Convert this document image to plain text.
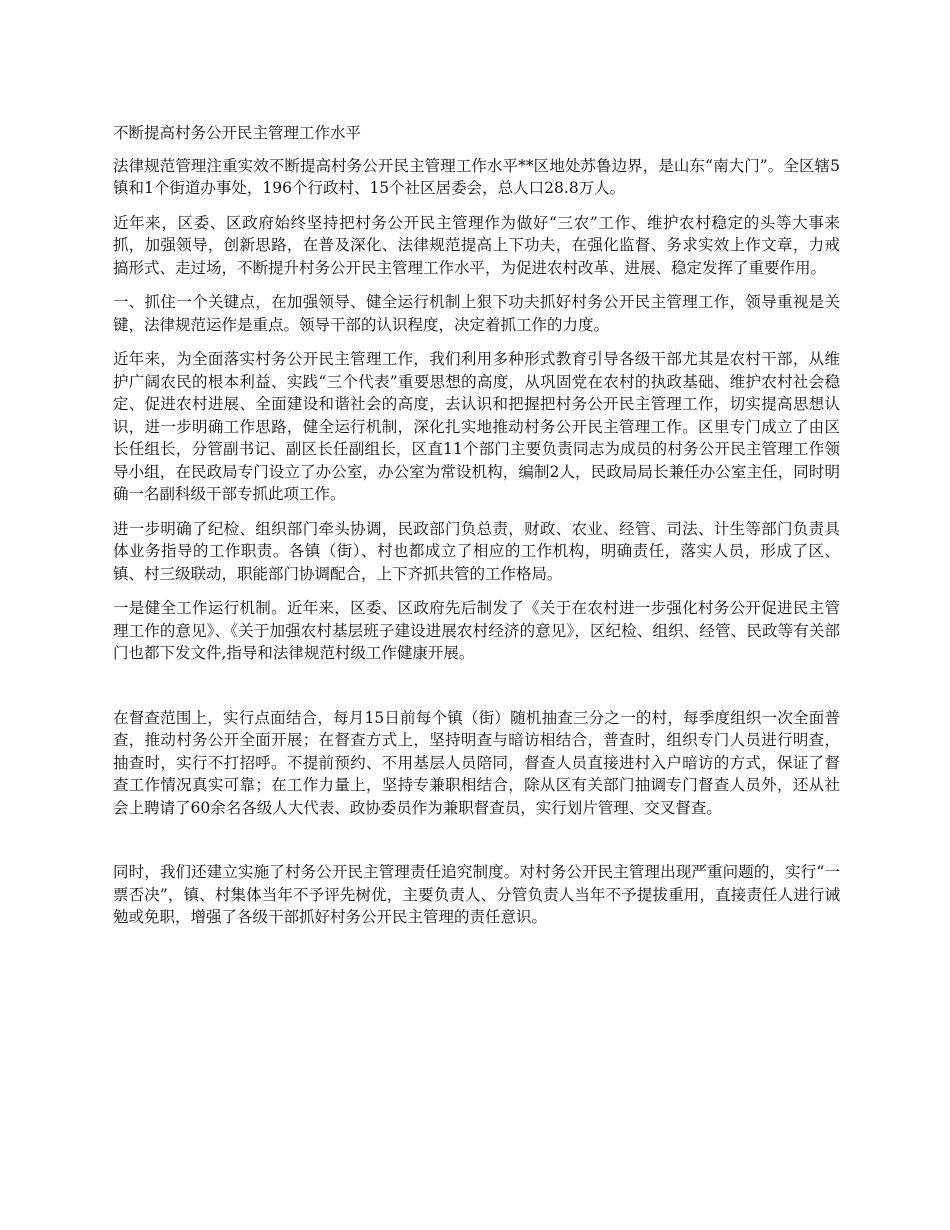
不断提高村务公开民主管理工作水平

法律规范管理注重实效不断提高村务公开民主管理工作水平**区地处苏鲁边界，是山东“南大门”。全区辖5镇和1个街道办事处，196个行政村、15个社区居委会，总人口28.8万人。

近年来，区委、区政府始终坚持把村务公开民主管理作为做好“三农”工作、维护农村稳定的头等大事来抓，加强领导，创新思路，在普及深化、法律规范提高上下功夫，在强化监督、务求实效上作文章，力戒搞形式、走过场，不断提升村务公开民主管理工作水平，为促进农村改革、进展、稳定发挥了重要作用。

一、抓住一个关键点，在加强领导、健全运行机制上狠下功夫抓好村务公开民主管理工作，领导重视是关键，法律规范运作是重点。领导干部的认识程度，决定着抓工作的力度。

近年来，为全面落实村务公开民主管理工作，我们利用多种形式教育引导各级干部尤其是农村干部，从维护广阔农民的根本利益、实践“三个代表”重要思想的高度，从巩固党在农村的执政基础、维护农村社会稳定、促进农村进展、全面建设和谐社会的高度，去认识和把握把村务公开民主管理工作，切实提高思想认识，进一步明确工作思路，健全运行机制，深化扎实地推动村务公开民主管理工作。区里专门成立了由区长任组长，分管副书记、副区长任副组长，区直11个部门主要负责同志为成员的村务公开民主管理工作领导小组，在民政局专门设立了办公室，办公室为常设机构，编制2人，民政局局长兼任办公室主任，同时明确一名副科级干部专抓此项工作。

进一步明确了纪检、组织部门牵头协调，民政部门负总责，财政、农业、经管、司法、计生等部门负责具体业务指导的工作职责。各镇（街）、村也都成立了相应的工作机构，明确责任，落实人员，形成了区、镇、村三级联动，职能部门协调配合，上下齐抓共管的工作格局。

一是健全工作运行机制。近年来，区委、区政府先后制发了《关于在农村进一步强化村务公开促进民主管理工作的意见》、《关于加强农村基层班子建设进展农村经济的意见》，区纪检、组织、经管、民政等有关部门也都下发文件,指导和法律规范村级工作健康开展。

在督查范围上，实行点面结合，每月15日前每个镇（街）随机抽查三分之一的村，每季度组织一次全面普查，推动村务公开全面开展；在督查方式上，坚持明查与暗访相结合，普查时，组织专门人员进行明查，抽查时，实行不打招呼。不提前预约、不用基层人员陪同，督查人员直接进村入户暗访的方式，保证了督查工作情况真实可靠；在工作力量上，坚持专兼职相结合，除从区有关部门抽调专门督查人员外，还从社会上聘请了60余名各级人大代表、政协委员作为兼职督查员，实行划片管理、交叉督查。

同时，我们还建立实施了村务公开民主管理责任追究制度。对村务公开民主管理出现严重问题的，实行“一票否决”，镇、村集体当年不予评先树优，主要负责人、分管负责人当年不予提拔重用，直接责任人进行诫勉或免职，增强了各级干部抓好村务公开民主管理的责任意识。
